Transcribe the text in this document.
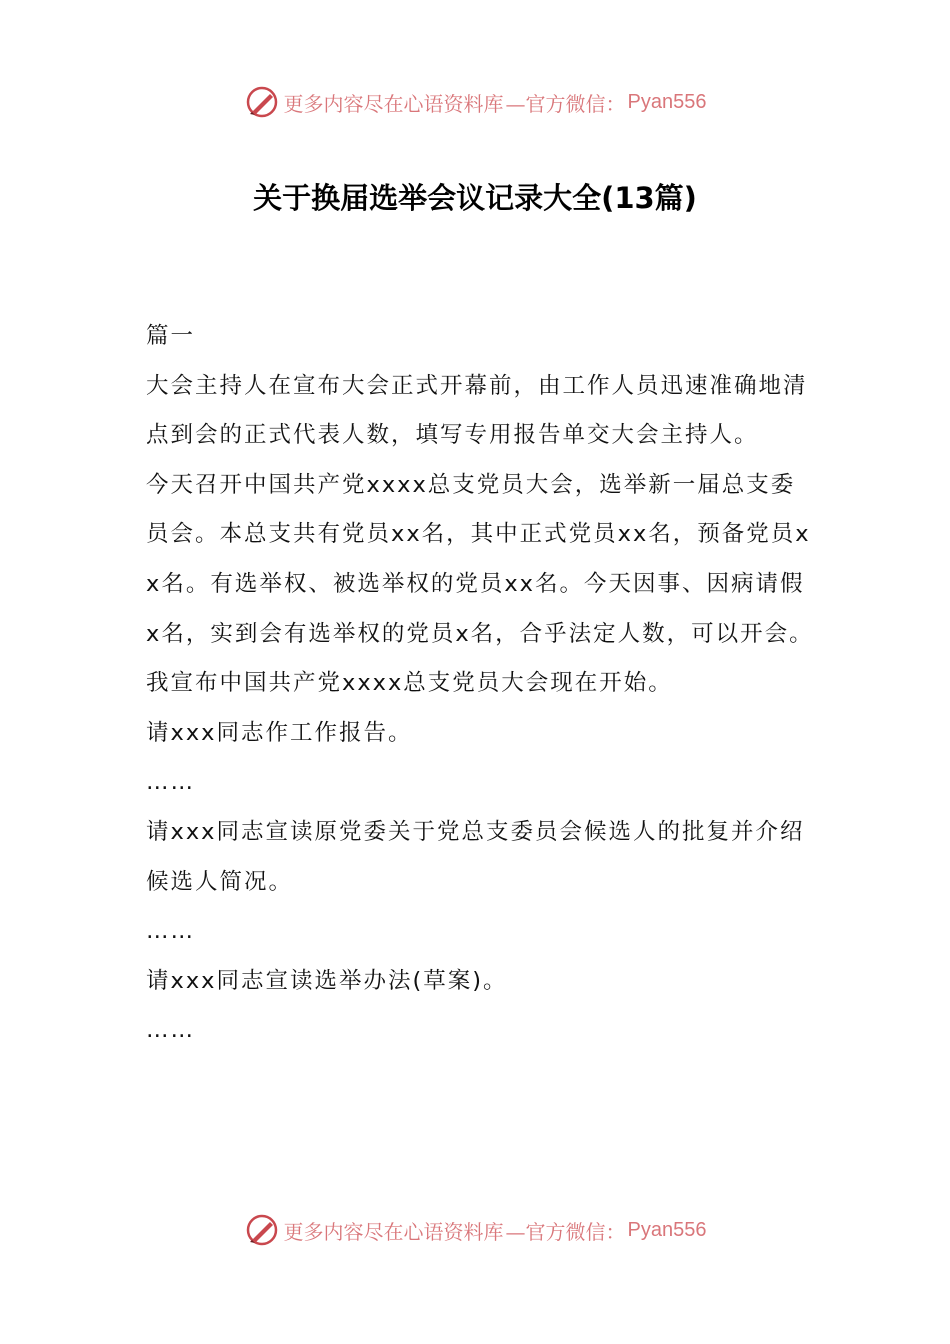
更多内容尽在心语资料库 —官方微信： Pyan556
关于换届选举会议记录大全(13篇)

篇一

大会主持人在宣布大会正式开幕前，由工作人员迅速准确地清点到会的正式代表人数，填写专用报告单交大会主持人。

今天召开中国共产党xxxx总支党员大会，选举新一届总支委员会。本总支共有党员xx名，其中正式党员xx名，预备党员xx名。有选举权、被选举权的党员xx名。今天因事、因病请假x名，实到会有选举权的党员x名，合乎法定人数，可以开会。

我宣布中国共产党xxxx总支党员大会现在开始。

请xxx同志作工作报告。

……

请xxx同志宣读原党委关于党总支委员会候选人的批复并介绍候选人简况。

……

请xxx同志宣读选举办法(草案)。

……

更多内容尽在心语资料库 —官方微信： Pyan556
